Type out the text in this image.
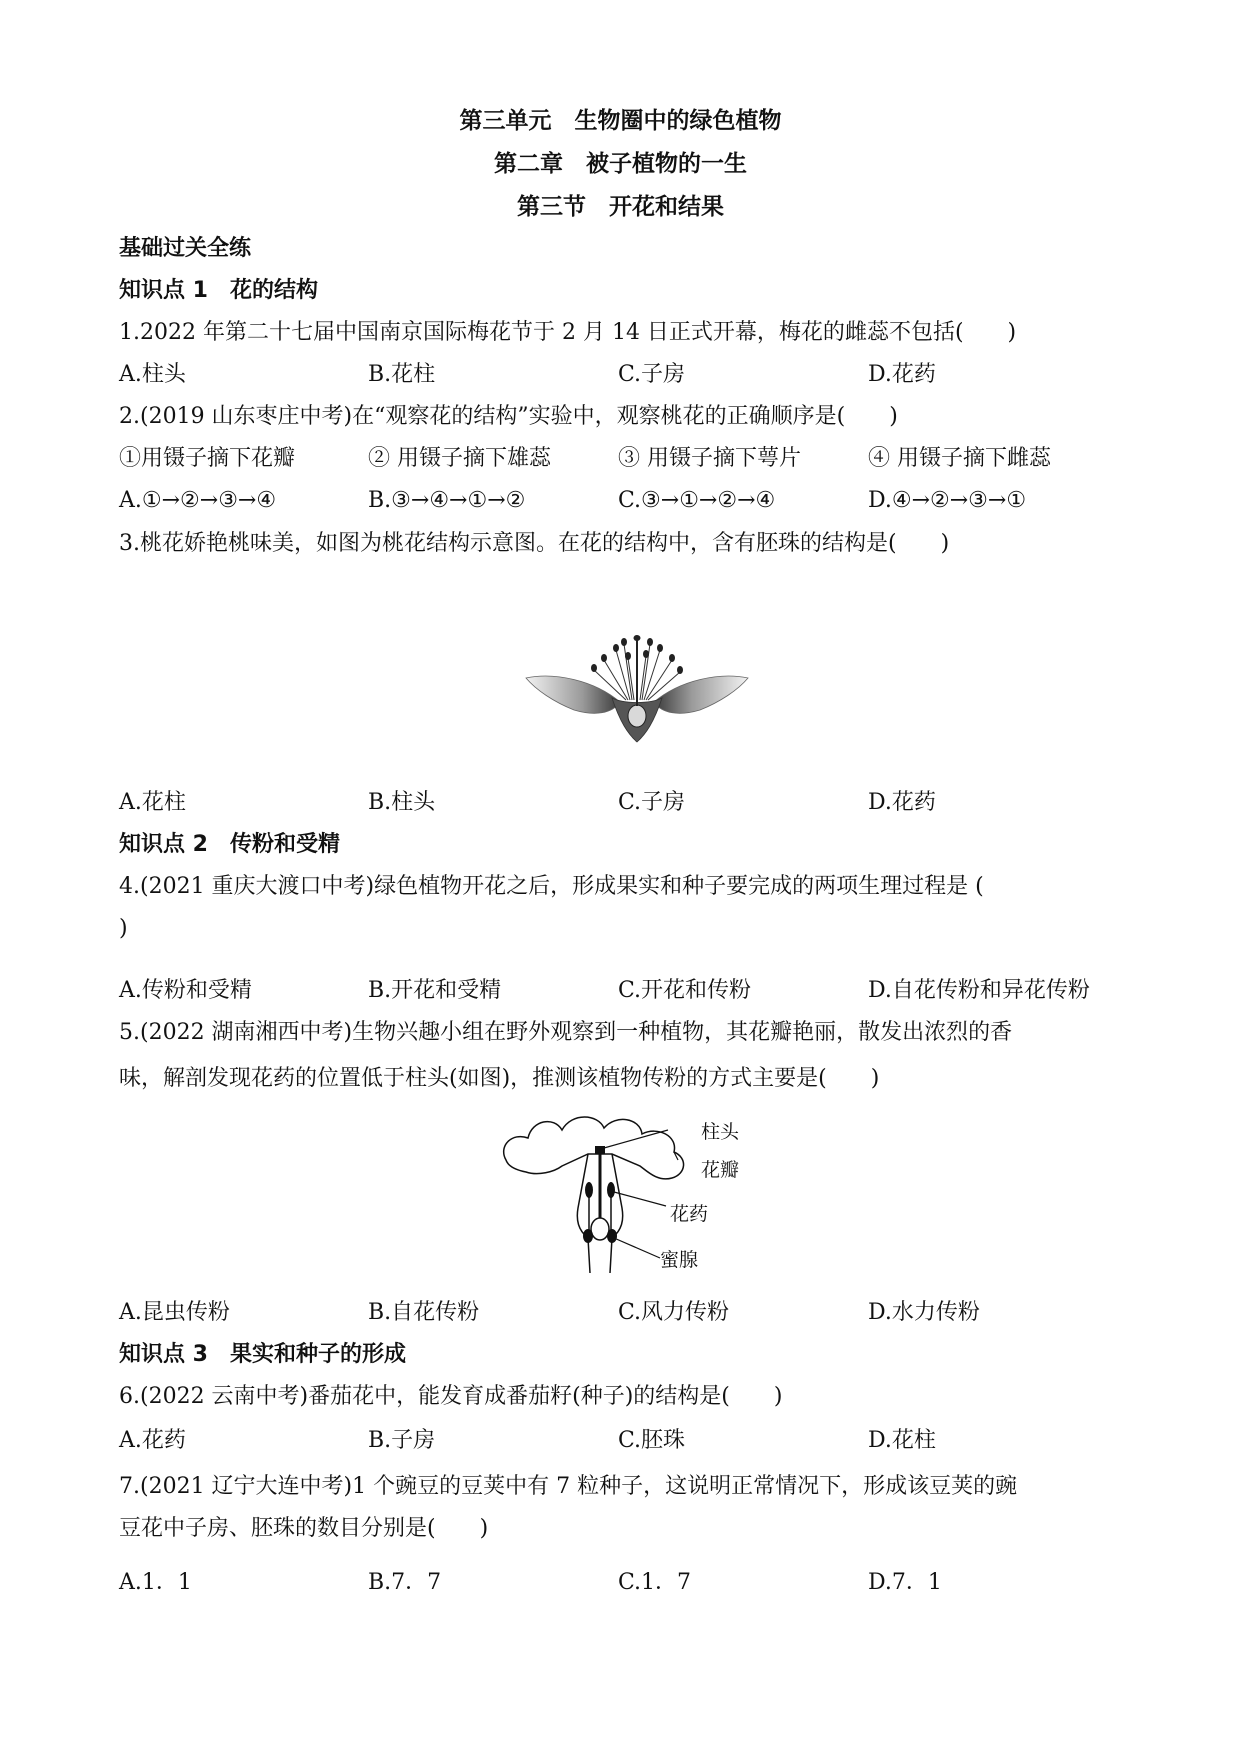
第三单元　生物圈中的绿色植物
第二章　被子植物的一生
第三节　开花和结果
基础过关全练
知识点 1　花的结构
1.2022 年第二十七届中国南京国际梅花节于 2 月 14 日正式开幕，梅花的雌蕊不包括(　　)
A.柱头	B.花柱	C.子房	D.花药
2.(2019 山东枣庄中考)在“观察花的结构”实验中，观察桃花的正确顺序是(　　)
①用镊子摘下花瓣	② 用镊子摘下雄蕊	③ 用镊子摘下萼片	④ 用镊子摘下雌蕊
A.①→②→③→④	B.③→④→①→②	C.③→①→②→④	D.④→②→③→①
3.桃花娇艳桃味美，如图为桃花结构示意图。在花的结构中，含有胚珠的结构是(　　)
A.花柱	B.柱头	C.子房	D.花药
知识点 2　传粉和受精
4.(2021 重庆大渡口中考)绿色植物开花之后，形成果实和种子要完成的两项生理过程是 (
)
A.传粉和受精	B.开花和受精	C.开花和传粉	D.自花传粉和异花传粉
5.(2022 湖南湘西中考)生物兴趣小组在野外观察到一种植物，其花瓣艳丽，散发出浓烈的香
味，解剖发现花药的位置低于柱头(如图)，推测该植物传粉的方式主要是(　　)
柱头
花瓣
花药
蜜腺
A.昆虫传粉	B.自花传粉	C.风力传粉	D.水力传粉
知识点 3　果实和种子的形成
6.(2022 云南中考)番茄花中，能发育成番茄籽(种子)的结构是(　　)
A.花药	B.子房	C.胚珠	D.花柱
7.(2021 辽宁大连中考)1 个豌豆的豆荚中有 7 粒种子，这说明正常情况下，形成该豆荚的豌
豆花中子房、胚珠的数目分别是(　　)
A.1．1	B.7．7	C.1．7	D.7．1
